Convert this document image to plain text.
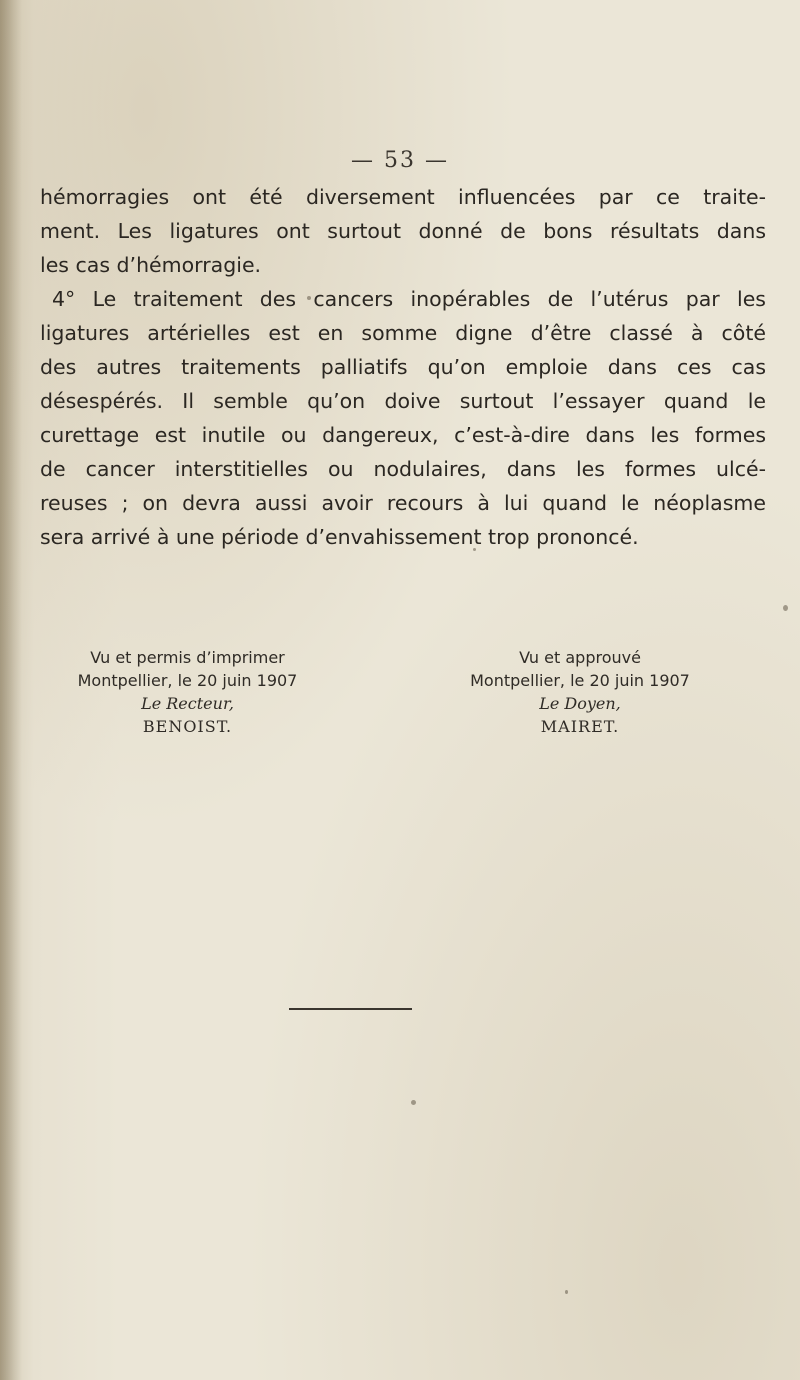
— 53 —
hémorragies ont été diversement influencées par ce traite-
ment. Les ligatures ont surtout donné de bons résultats dans
les cas d’hémorragie.
4° Le traitement des cancers inopérables de l’utérus par les
ligatures artérielles est en somme digne d’être classé à côté
des autres traitements palliatifs qu’on emploie dans ces cas
désespérés. Il semble qu’on doive surtout l’essayer quand le
curettage est inutile ou dangereux, c’est-à-dire dans les formes
de cancer interstitielles ou nodulaires, dans les formes ulcé-
reuses ; on devra aussi avoir recours à lui quand le néoplasme
sera arrivé à une période d’envahissement trop prononcé.
Vu et permis d’imprimer
Montpellier, le 20 juin 1907
Le Recteur,
BENOIST.
Vu et approuvé
Montpellier, le 20 juin 1907
Le Doyen,
MAIRET.
